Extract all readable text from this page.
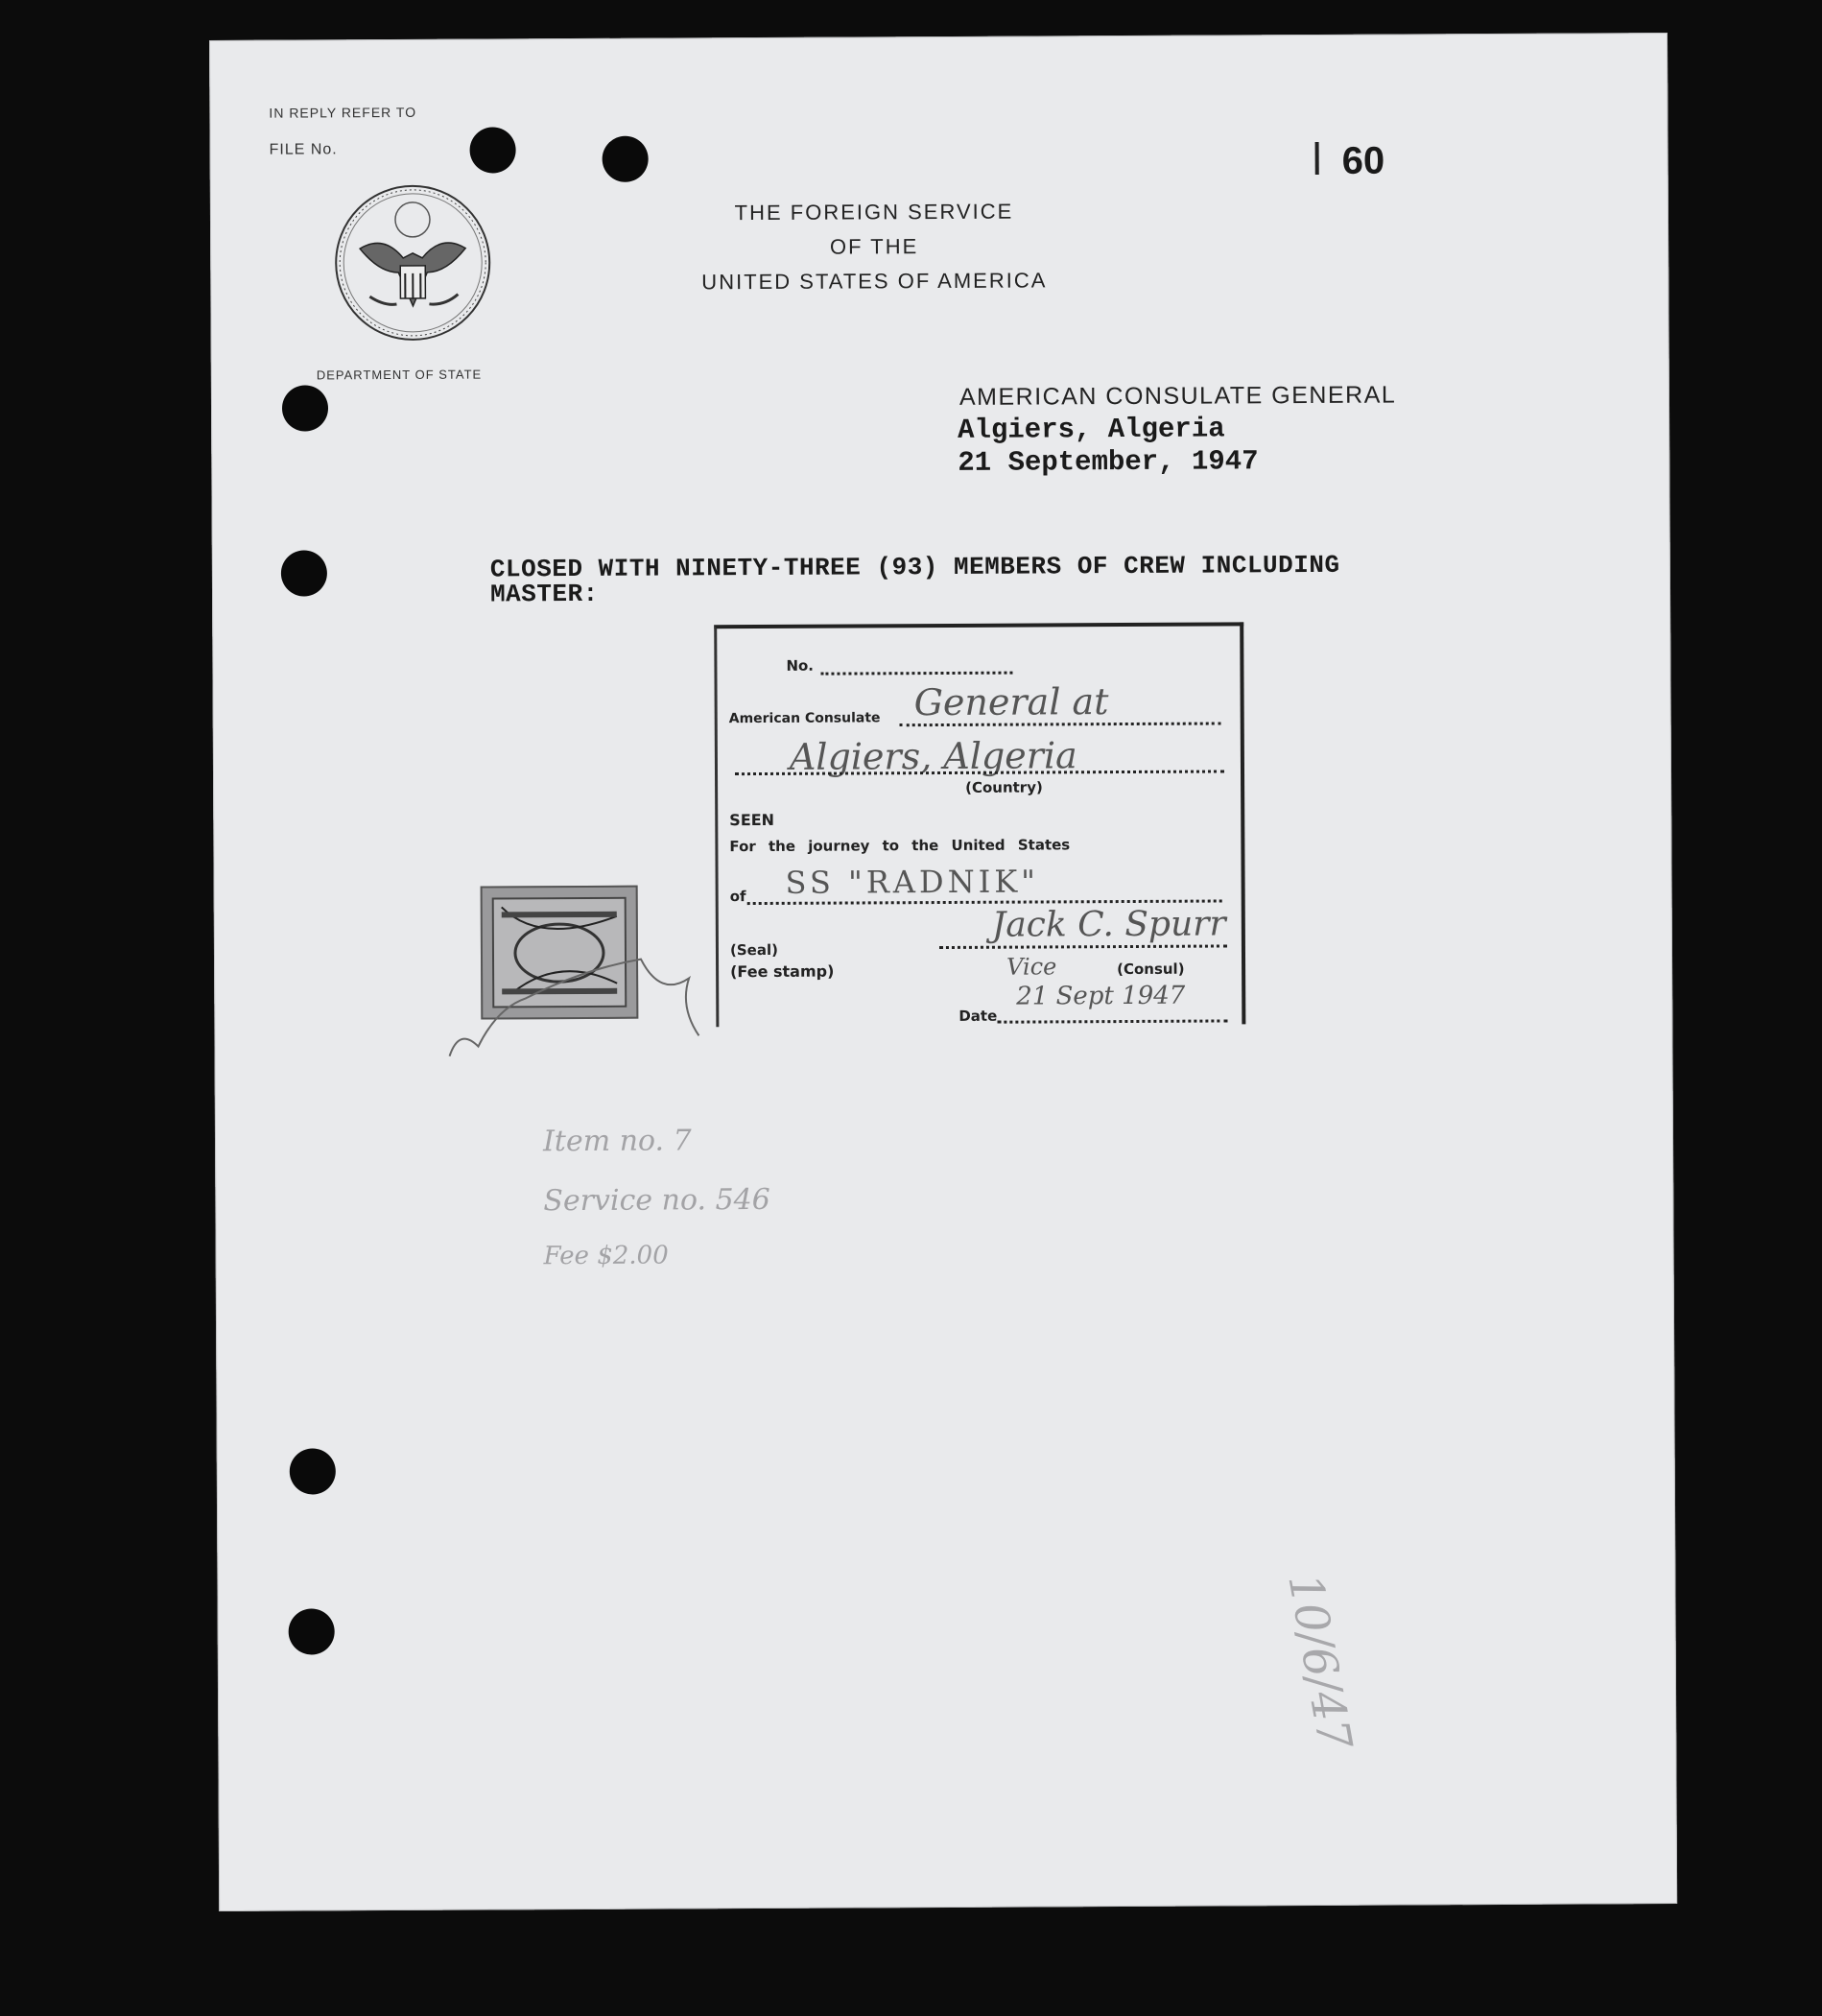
IN REPLY REFER TO
FILE No.	60
DEPARTMENT OF STATE
THE FOREIGN SERVICE
OF THE
UNITED STATES OF AMERICA
AMERICAN CONSULATE GENERAL
Algiers, Algeria
21 September, 1947
CLOSED WITH NINETY-THREE (93) MEMBERS OF CREW INCLUDING
MASTER:
No.
American Consulate General at
Algiers, Algeria
(Country)
SEEN
For the journey to the United States
of SS "RADNIK"
(Seal)
(Fee stamp)
Jack C. Spurr
Vice	(Consul)
Date
21 Sept 1947
Item no. 7
Service no. 546
Fee $2.00
10/6/47
